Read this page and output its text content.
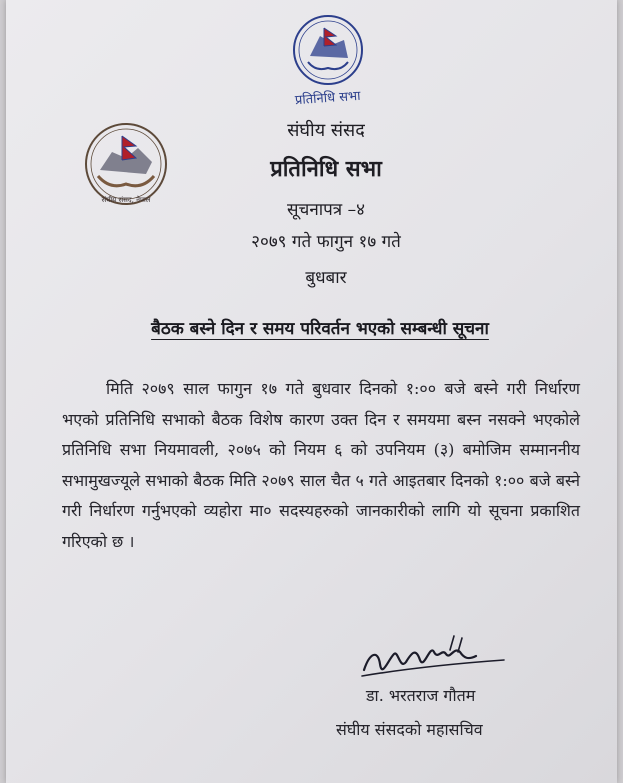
प्रतिनिधि सभा
संघीय संसद, नेपाल
संघीय संसद
प्रतिनिधि सभा
सूचनापत्र –४
२०७९ गते फागुन १७ गते
बुधबार
बैठक बस्ने दिन र समय परिवर्तन भएको सम्बन्धी सूचना
मिति २०७९ साल फागुन १७ गते बुधवार दिनको १:०० बजे बस्ने गरी निर्धारण भएको प्रतिनिधि सभाको बैठक विशेष कारण उक्त दिन र समयमा बस्न नसक्ने भएकोले प्रतिनिधि सभा नियमावली, २०७५ को नियम ६ को उपनियम (३) बमोजिम सम्माननीय सभामुखज्यूले सभाको बैठक मिति २०७९ साल चैत ५ गते आइतबार दिनको १:०० बजे बस्ने गरी निर्धारण गर्नुभएको व्यहोरा मा० सदस्यहरुको जानकारीको लागि यो सूचना प्रकाशित गरिएको छ ।
डा. भरतराज गौतम
संघीय संसदको महासचिव
